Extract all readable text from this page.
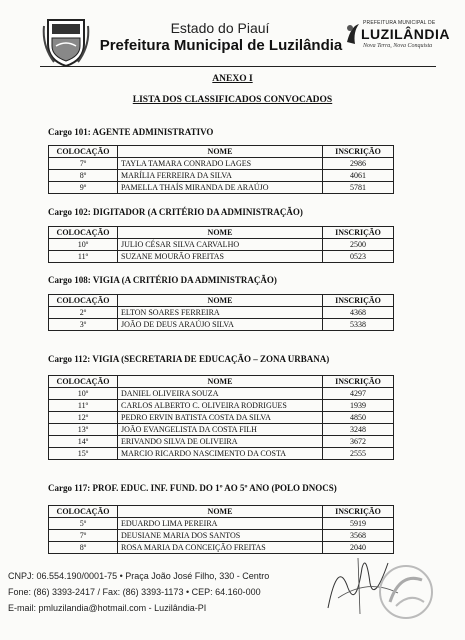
Estado do Piauí
Prefeitura Municipal de Luzilândia
PREFEITURA MUNICIPAL DE
LUZILÂNDIA
Nova Terra, Nova Conquista
ANEXO I
LISTA DOS CLASSIFICADOS CONVOCADOS
Cargo 101: AGENTE ADMINISTRATIVO
COLOCAÇÃO	NOME	INSCRIÇÃO
7º	TAYLA TAMARA CONRADO LAGES	2986
8º	MARÍLIA FERREIRA DA SILVA	4061
9º	PAMELLA THAÍS MIRANDA DE ARAÚJO	5781
Cargo 102: DIGITADOR (A CRITÉRIO DA ADMINISTRAÇÃO)
COLOCAÇÃO	NOME	INSCRIÇÃO
10º	JULIO CÉSAR SILVA CARVALHO	2500
11º	SUZANE MOURÃO FREITAS	0523
Cargo 108: VIGIA (A CRITÉRIO DA ADMINISTRAÇÃO)
COLOCAÇÃO	NOME	INSCRIÇÃO
2º	ELTON SOARES FERREIRA	4368
3º	JOÃO DE DEUS ARAÚJO SILVA	5338
Cargo 112: VIGIA (SECRETARIA DE EDUCAÇÃO – ZONA URBANA)
COLOCAÇÃO	NOME	INSCRIÇÃO
10º	DANIEL OLIVEIRA SOUZA	4297
11º	CARLOS ALBERTO C. OLIVEIRA RODRIGUES	1939
12º	PEDRO ERVIN BATISTA COSTA DA SILVA	4850
13º	JOÃO EVANGELISTA DA COSTA FILH	3248
14º	ERIVANDO SILVA DE OLIVEIRA	3672
15º	MARCIO RICARDO NASCIMENTO DA COSTA	2555
Cargo 117: PROF. EDUC. INF. FUND. DO 1º AO 5º ANO (POLO DNOCS)
COLOCAÇÃO	NOME	INSCRIÇÃO
5º	EDUARDO LIMA PEREIRA	5919
7º	DEUSIANE MARIA DOS SANTOS	3568
8º	ROSA MARIA DA CONCEIÇÃO FREITAS	2040
CNPJ: 06.554.190/0001-75 • Praça João José Filho, 330 - Centro
Fone: (86) 3393-2417 / Fax: (86) 3393-1173 • CEP: 64.160-000
E-mail: pmluzilandia@hotmail.com - Luzilândia-PI
